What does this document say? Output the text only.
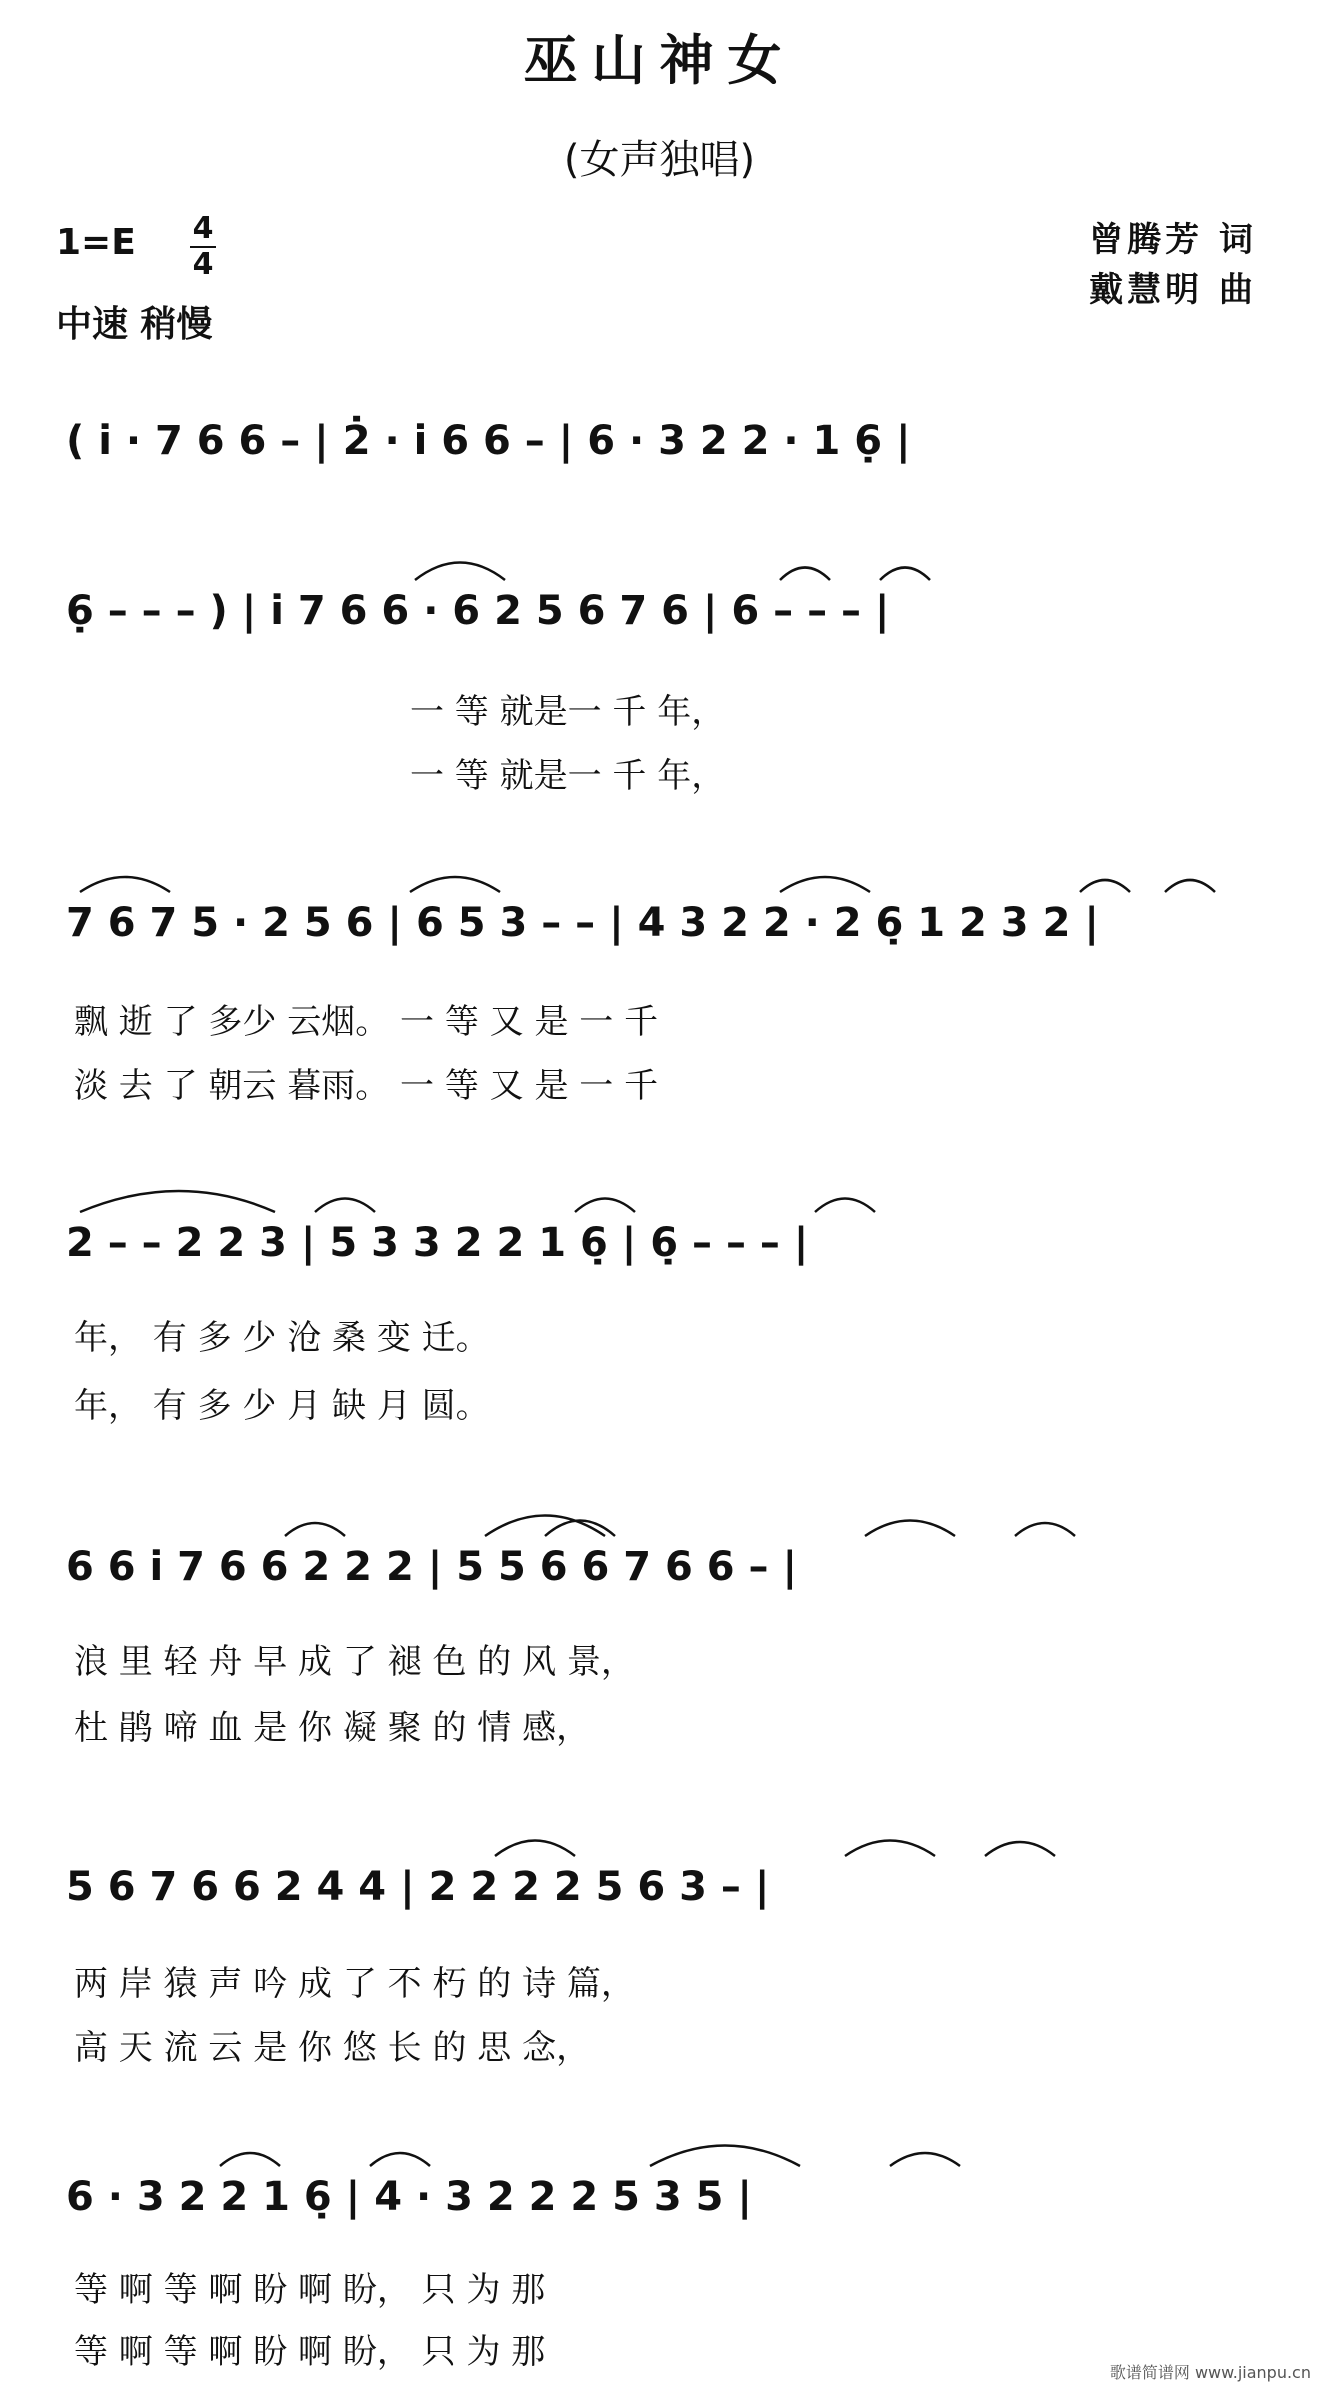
巫山神女
(女声独唱)
1=E 4
4
中速 稍慢
曾腾芳 词
戴慧明 曲
( i̇ · 7 6 6 – | 2̇ · i̇ 6 6 – | 6 · 3 2 2 · 1 6̣ |
6̣ – – – ) | i̇ 7 6 6 · 6 2 5 6 7 6 | 6 – – – |
一 等 就是一 千 年，
一 等 就是一 千 年，
7 6 7 5 · 2 5 6 | 6 5 3 – – | 4 3 2 2 · 2 6̣ 1 2 3 2 |
飘 逝 了 多少 云烟。 一 等 又 是 一 千
淡 去 了 朝云 暮雨。 一 等 又 是 一 千
2 – – 2 2 3 | 5 3 3 2 2 1 6̣ | 6̣ – – – |
年， 有 多 少 沧 桑 变 迁。
年， 有 多 少 月 缺 月 圆。
6 6 i̇ 7 6 6 2 2 2 | 5 5 6 6 7 6 6 – |
浪 里 轻 舟 早 成 了 褪 色 的 风 景，
杜 鹃 啼 血 是 你 凝 聚 的 情 感，
5 6 7 6 6 2 4 4 | 2 2 2 2 5 6 3 – |
两 岸 猿 声 吟 成 了 不 朽 的 诗 篇，
高 天 流 云 是 你 悠 长 的 思 念，
6 · 3 2 2 1 6̣ | 4 · 3 2 2 2 5 3 5 |
等 啊 等 啊 盼 啊 盼， 只 为 那
等 啊 等 啊 盼 啊 盼， 只 为 那
歌谱简谱网 www.jianpu.cn
